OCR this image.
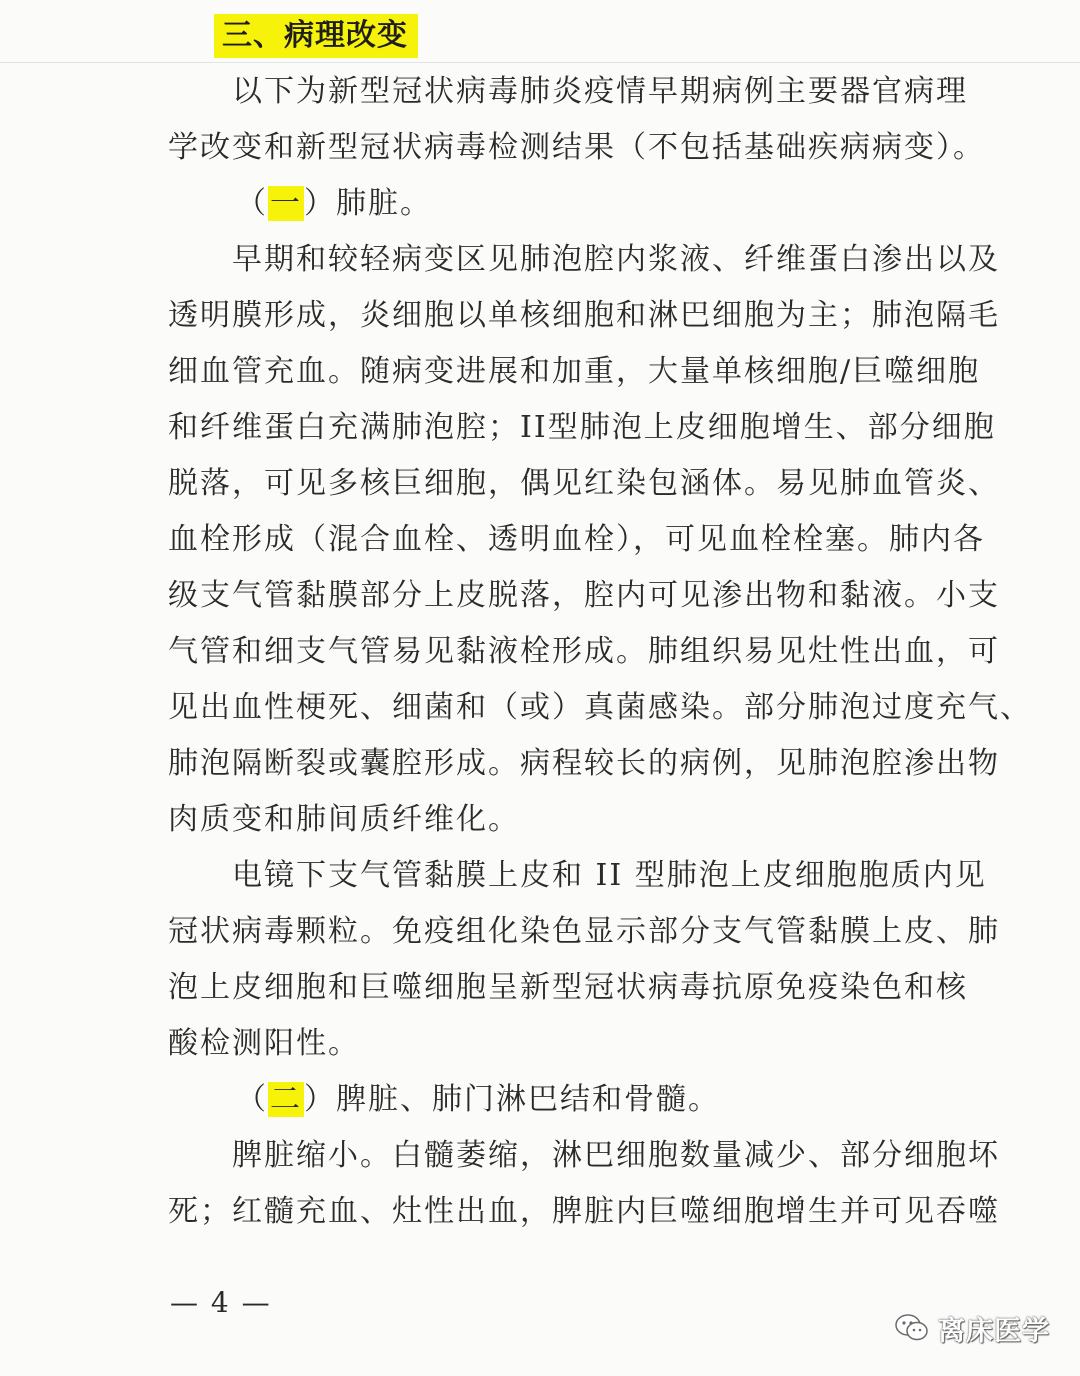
三、病理改变
以下为新型冠状病毒肺炎疫情早期病例主要器官病理
学改变和新型冠状病毒检测结果（不包括基础疾病病变）。
（一）肺脏。
早期和较轻病变区见肺泡腔内浆液、纤维蛋白渗出以及
透明膜形成，炎细胞以单核细胞和淋巴细胞为主；肺泡隔毛
细血管充血。随病变进展和加重，大量单核细胞/巨噬细胞
和纤维蛋白充满肺泡腔；II型肺泡上皮细胞增生、部分细胞
脱落，可见多核巨细胞，偶见红染包涵体。易见肺血管炎、
血栓形成（混合血栓、透明血栓），可见血栓栓塞。肺内各
级支气管黏膜部分上皮脱落，腔内可见渗出物和黏液。小支
气管和细支气管易见黏液栓形成。肺组织易见灶性出血，可
见出血性梗死、细菌和（或）真菌感染。部分肺泡过度充气、
肺泡隔断裂或囊腔形成。病程较长的病例，见肺泡腔渗出物
肉质变和肺间质纤维化。
电镜下支气管黏膜上皮和 II 型肺泡上皮细胞胞质内见
冠状病毒颗粒。免疫组化染色显示部分支气管黏膜上皮、肺
泡上皮细胞和巨噬细胞呈新型冠状病毒抗原免疫染色和核
酸检测阳性。
（二）脾脏、肺门淋巴结和骨髓。
脾脏缩小。白髓萎缩，淋巴细胞数量减少、部分细胞坏
死；红髓充血、灶性出血，脾脏内巨噬细胞增生并可见吞噬
— 4 —
离床医学
